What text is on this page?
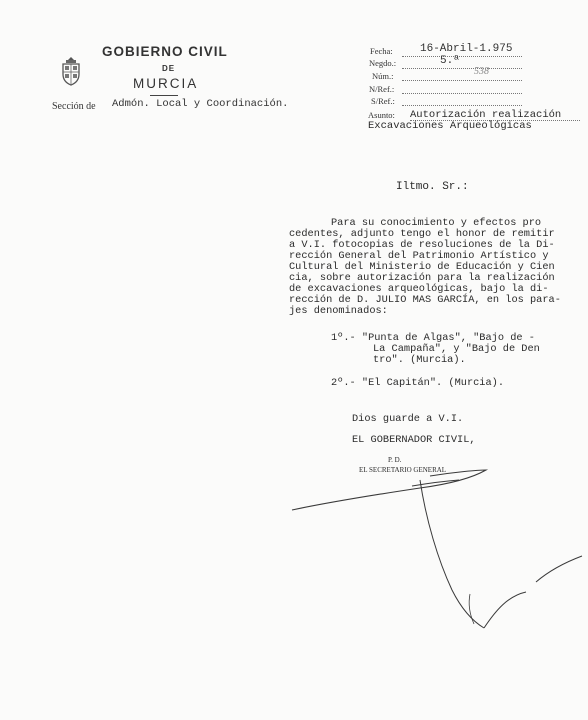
GOBIERNO CIVIL
DE
MURCIA
Sección de Admón. Local y Coordinación.
Fecha: 16-Abril-1.975
Negdo.:	5.ª
Núm.:	538
N/Ref.:
S/Ref.:
Asunto: Autorización realización
Excavaciones Arqueológicas
Iltmo. Sr.:
Para su conocimiento y efectos pro
cedentes, adjunto tengo el honor de remitir
a V.I. fotocopias de resoluciones de la Di-
rección General del Patrimonio Artístico y
Cultural del Ministerio de Educación y Cien
cia, sobre autorización para la realización
de excavaciones arqueológicas, bajo la di-
rección de D. JULIO MAS GARCÍA, en los para-
jes denominados:
1º.- "Punta de Algas", "Bajo de -
La Campaña", y "Bajo de Den
tro". (Murcia).
2º.- "El Capitán". (Murcia).
Dios guarde a V.I.
EL GOBERNADOR CIVIL,
P. D.
EL SECRETARIO GENERAL
